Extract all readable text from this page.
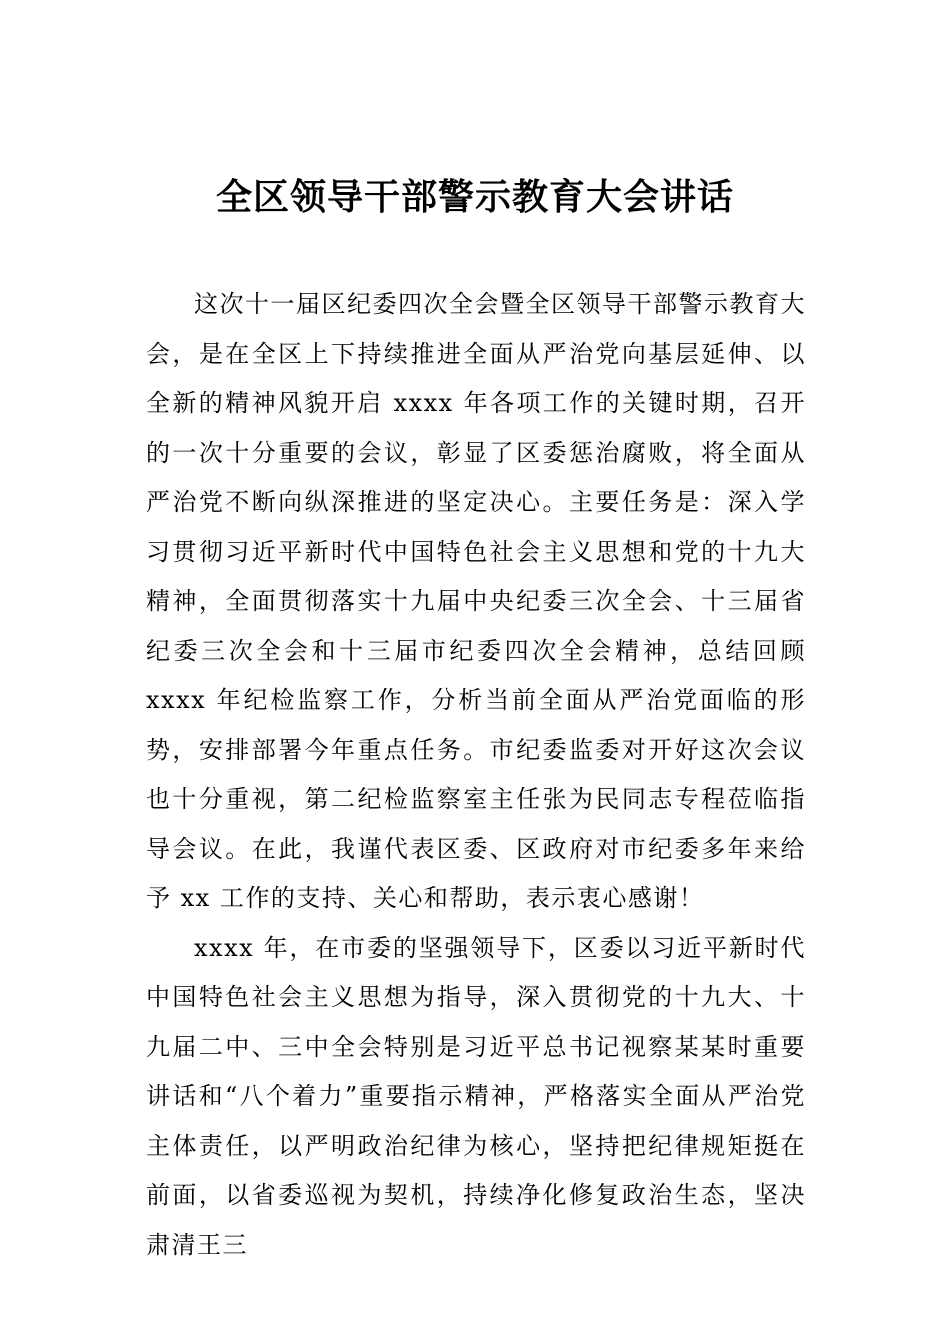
全区领导干部警示教育大会讲话

这次十一届区纪委四次全会暨全区领导干部警示教育大会，是在全区上下持续推进全面从严治党向基层延伸、以全新的精神风貌开启 xxxx 年各项工作的关键时期，召开的一次十分重要的会议，彰显了区委惩治腐败，将全面从严治党不断向纵深推进的坚定决心。主要任务是：深入学习贯彻习近平新时代中国特色社会主义思想和党的十九大精神，全面贯彻落实十九届中央纪委三次全会、十三届省纪委三次全会和十三届市纪委四次全会精神，总结回顾 xxxx 年纪检监察工作，分析当前全面从严治党面临的形势，安排部署今年重点任务。市纪委监委对开好这次会议也十分重视，第二纪检监察室主任张为民同志专程莅临指导会议。在此，我谨代表区委、区政府对市纪委多年来给予 xx 工作的支持、关心和帮助，表示衷心感谢！

xxxx 年，在市委的坚强领导下，区委以习近平新时代中国特色社会主义思想为指导，深入贯彻党的十九大、十九届二中、三中全会特别是习近平总书记视察某某时重要讲话和“八个着力”重要指示精神，严格落实全面从严治党主体责任，以严明政治纪律为核心，坚持把纪律规矩挺在前面，以省委巡视为契机，持续净化修复政治生态，坚决肃清王三
